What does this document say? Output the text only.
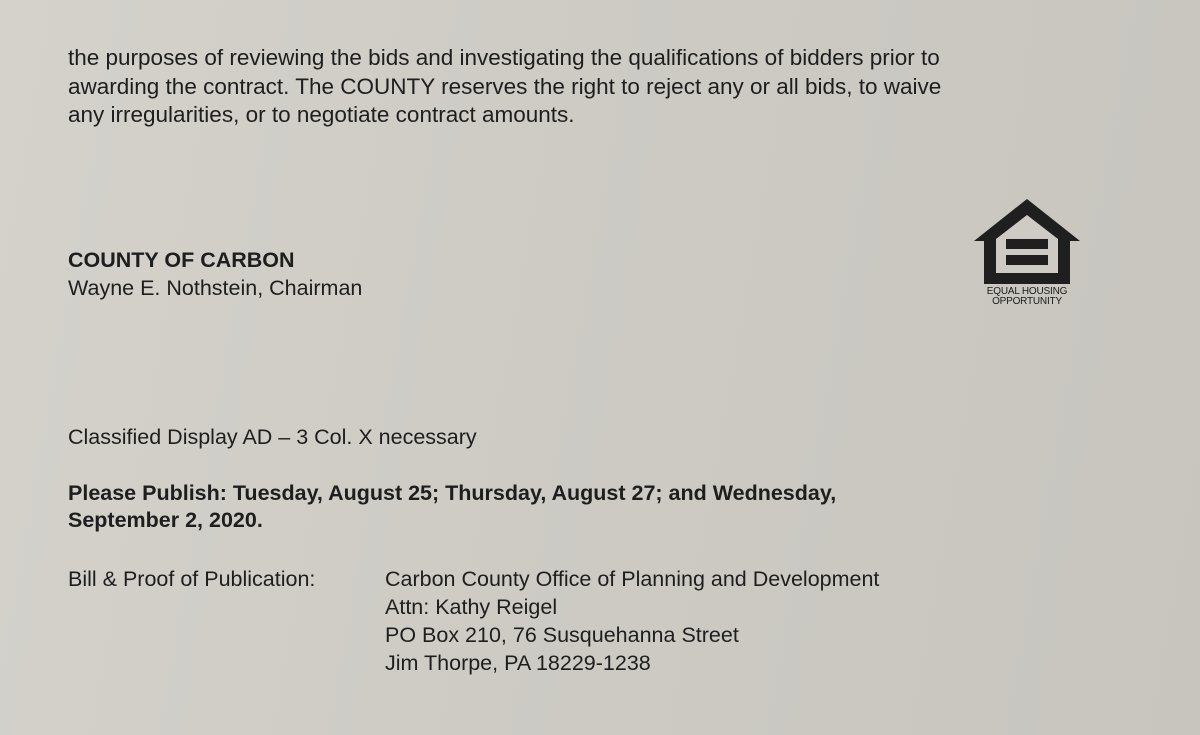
the purposes of reviewing the bids and investigating the qualifications of bidders prior to
awarding the contract. The COUNTY reserves the right to reject any or all bids, to waive
any irregularities, or to negotiate contract amounts.

COUNTY OF CARBON
Wayne E. Nothstein, Chairman	EQUAL HOUSING
OPPORTUNITY
Classified Display AD – 3 Col. X necessary

Please Publish: Tuesday, August 25; Thursday, August 27; and Wednesday,
September 2, 2020.

Bill & Proof of Publication:	Carbon County Office of Planning and Development
Attn: Kathy Reigel
PO Box 210, 76 Susquehanna Street
Jim Thorpe, PA 18229-1238
